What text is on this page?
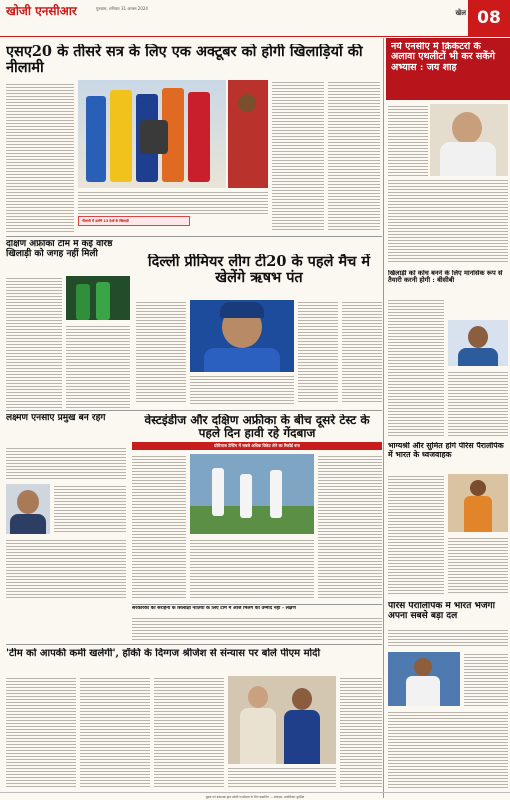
खोजी एनसीआर	गुरुग्राम, शनिवार 31 अगस्त 2024
खेल 08
एसए20 के तीसरे सत्र के लिए एक अक्टूबर को होगी खिलाड़ियों की नीलामी
नीलामी में उतरेंगे 13 देशों के खिलाड़ी
नये एनसीए में क्रिकेटरों के अलावा एथलीटों भी कर सकेंगे अभ्यास : जय शाह
दक्षिण अफ्रीका टीम में कई वरिष्ठ खिलाड़ी को जगह नहीं मिली	दिल्ली प्रीमियर लीग टी20 के पहले मैच में खेलेंगे ऋषभ पंत	खिलाड़ी को कोच बनने के लिए मानसिक रूप से तैयारी करनी होगी : बीसीबी
लक्ष्मण एनसीए प्रमुख बने रहेंगे	वेस्टइंडीज और दक्षिण अफ्रीका के बीच दूसरे टेस्ट के पहले दिन हावी रहे गेंदबाज
प्रोटियाज टेस्टिंग में सबसे अधिक विकेट लेने का रिकॉर्ड बना	भाग्यश्री और सुमित होंगे पेरिस पैरालंपिक में भारत के ध्वजवाहक
सरकारका की सराहना के सिलाक्षा नीतियों के लिए टीम में आज मिलेंगे को उम्मीद नहीं - लक्षण
'टीम को आपकी कमी खलेगी', हॉकी के दिग्गज श्रीजेश से संन्यास पर बोले पीएम मोदी
पेरिस पैरालिंपिक में भारत भेजेगा अपना सबसे बड़ा दल
मुद्रक एवं प्रकाशक द्वारा खोजी एनसीआर के लिए प्रकाशित — संपादक, सर्वाधिकार सुरक्षित
